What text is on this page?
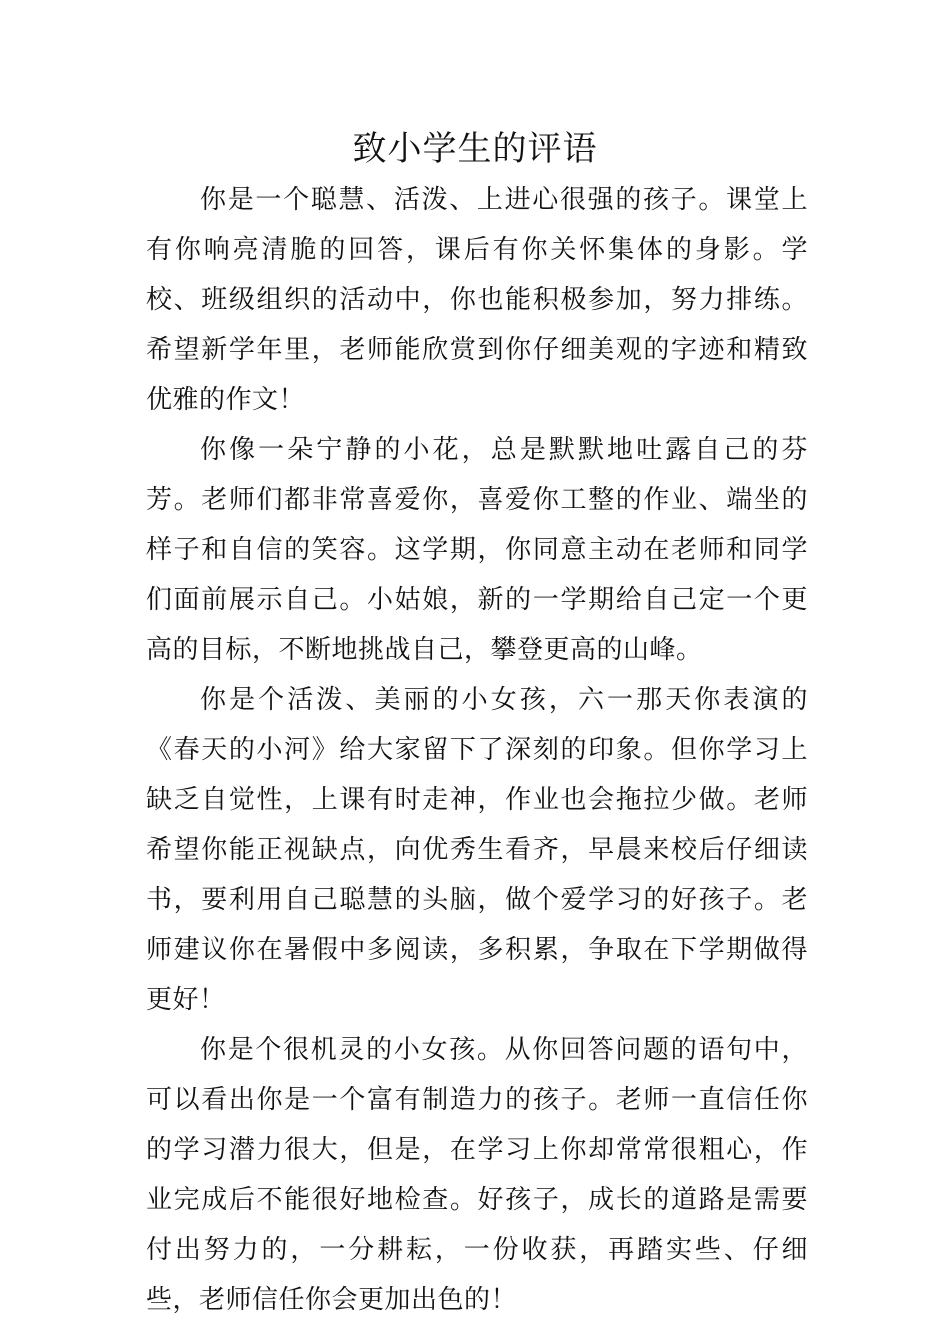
致小学生的评语

你是一个聪慧、活泼、上进心很强的孩子。课堂上有你响亮清脆的回答，课后有你关怀集体的身影。学校、班级组织的活动中，你也能积极参加，努力排练。希望新学年里，老师能欣赏到你仔细美观的字迹和精致优雅的作文！

你像一朵宁静的小花，总是默默地吐露自己的芬芳。老师们都非常喜爱你，喜爱你工整的作业、端坐的样子和自信的笑容。这学期，你同意主动在老师和同学们面前展示自己。小姑娘，新的一学期给自己定一个更高的目标，不断地挑战自己，攀登更高的山峰。

你是个活泼、美丽的小女孩，六一那天你表演的《春天的小河》给大家留下了深刻的印象。但你学习上缺乏自觉性，上课有时走神，作业也会拖拉少做。老师希望你能正视缺点，向优秀生看齐，早晨来校后仔细读书，要利用自己聪慧的头脑，做个爱学习的好孩子。老师建议你在暑假中多阅读，多积累，争取在下学期做得更好！

你是个很机灵的小女孩。从你回答问题的语句中，可以看出你是一个富有制造力的孩子。老师一直信任你的学习潜力很大，但是，在学习上你却常常很粗心，作业完成后不能很好地检查。好孩子，成长的道路是需要付出努力的，一分耕耘，一份收获，再踏实些、仔细些，老师信任你会更加出色的！
